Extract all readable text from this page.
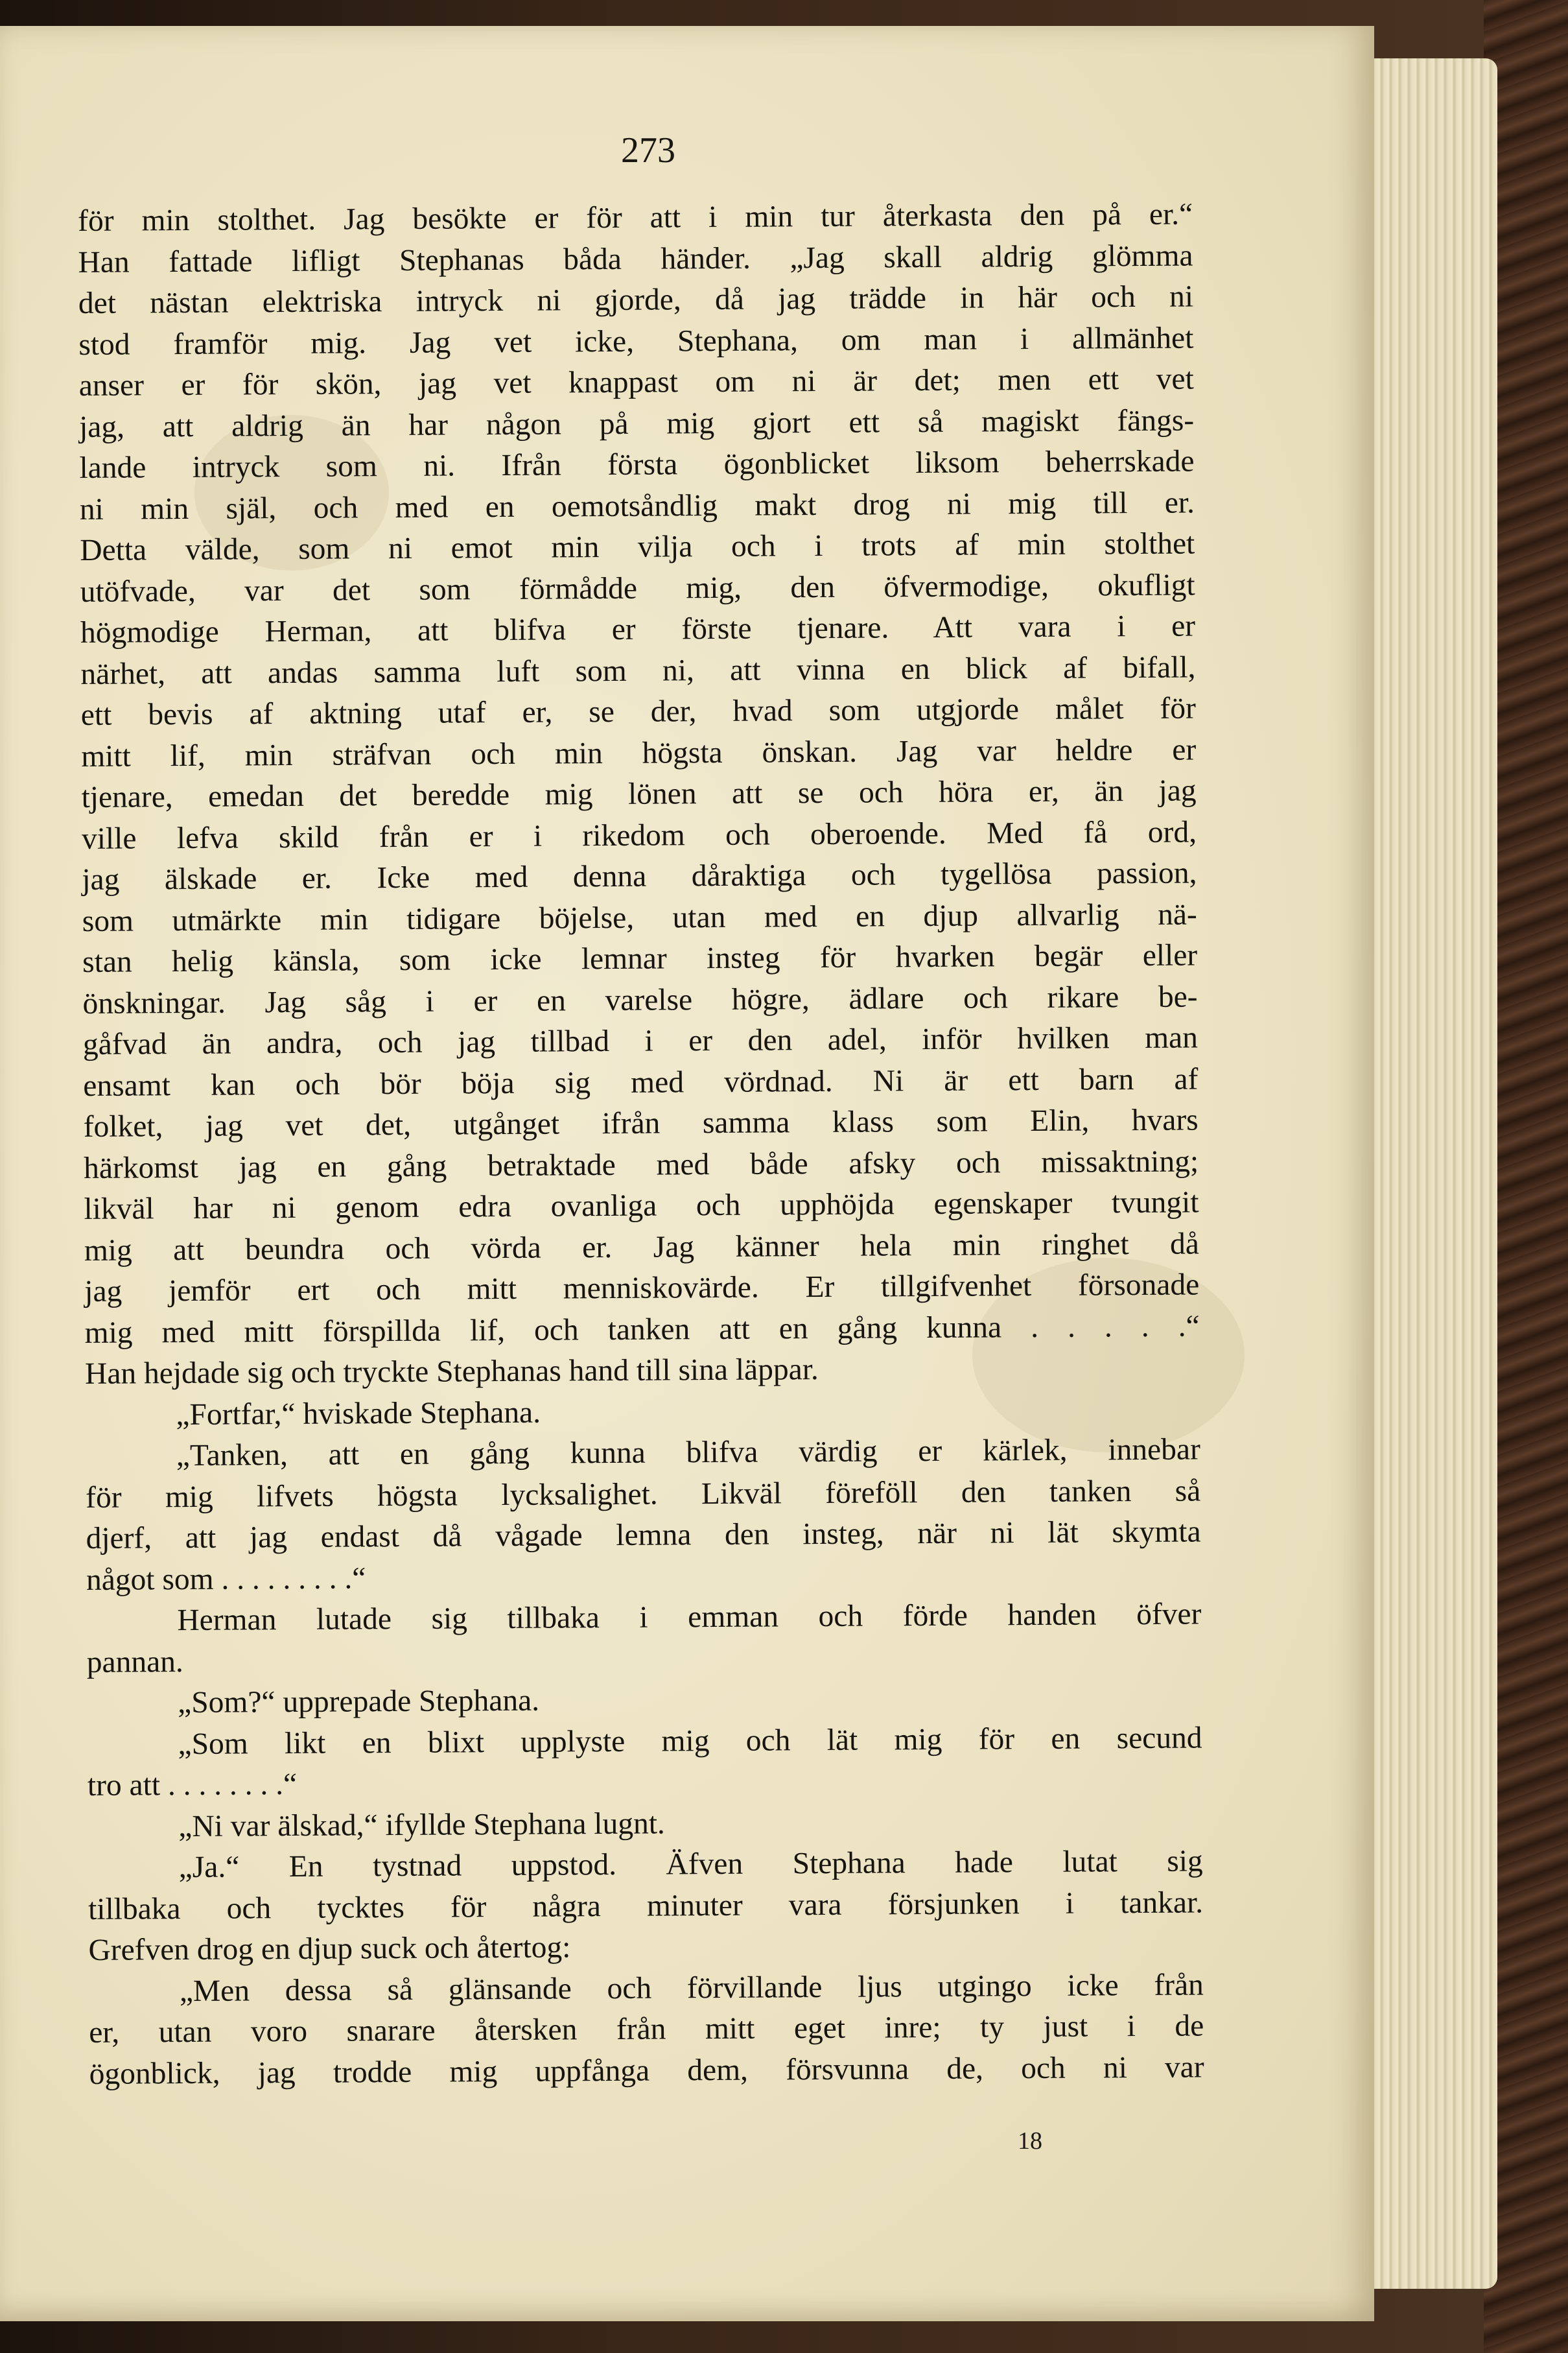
273
för min stolthet. Jag besökte er för att i min tur återkasta den på er.“
Han fattade lifligt Stephanas båda händer. „Jag skall aldrig glömma
det nästan elektriska intryck ni gjorde, då jag trädde in här och ni
stod framför mig. Jag vet icke, Stephana, om man i allmänhet
anser er för skön, jag vet knappast om ni är det; men ett vet
jag, att aldrig än har någon på mig gjort ett så magiskt fängs-
lande intryck som ni. Ifrån första ögonblicket liksom beherrskade
ni min själ, och med en oemotsåndlig makt drog ni mig till er.
Detta välde, som ni emot min vilja och i trots af min stolthet
utöfvade, var det som förmådde mig, den öfvermodige, okufligt
högmodige Herman, att blifva er förste tjenare. Att vara i er
närhet, att andas samma luft som ni, att vinna en blick af bifall,
ett bevis af aktning utaf er, se der, hvad som utgjorde målet för
mitt lif, min sträfvan och min högsta önskan. Jag var heldre er
tjenare, emedan det beredde mig lönen att se och höra er, än jag
ville lefva skild från er i rikedom och oberoende. Med få ord,
jag älskade er. Icke med denna dåraktiga och tygellösa passion,
som utmärkte min tidigare böjelse, utan med en djup allvarlig nä-
stan helig känsla, som icke lemnar insteg för hvarken begär eller
önskningar. Jag såg i er en varelse högre, ädlare och rikare be-
gåfvad än andra, och jag tillbad i er den adel, inför hvilken man
ensamt kan och bör böja sig med vördnad. Ni är ett barn af
folket, jag vet det, utgånget ifrån samma klass som Elin, hvars
härkomst jag en gång betraktade med både afsky och missaktning;
likväl har ni genom edra ovanliga och upphöjda egenskaper tvungit
mig att beundra och vörda er. Jag känner hela min ringhet då
jag jemför ert och mitt menniskovärde. Er tillgifvenhet försonade
mig med mitt förspillda lif, och tanken att en gång kunna . . . . .“
Han hejdade sig och tryckte Stephanas hand till sina läppar.
„Fortfar,“ hviskade Stephana.
„Tanken, att en gång kunna blifva värdig er kärlek, innebar
för mig lifvets högsta lycksalighet. Likväl föreföll den tanken så
djerf, att jag endast då vågade lemna den insteg, när ni lät skymta
något som . . . . . . . . .“
Herman lutade sig tillbaka i emman och förde handen öfver
pannan.
„Som?“ upprepade Stephana.
„Som likt en blixt upplyste mig och lät mig för en secund
tro att . . . . . . . .“
„Ni var älskad,“ ifyllde Stephana lugnt.
„Ja.“ En tystnad uppstod. Äfven Stephana hade lutat sig
tillbaka och tycktes för några minuter vara försjunken i tankar.
Grefven drog en djup suck och återtog:
„Men dessa så glänsande och förvillande ljus utgingo icke från
er, utan voro snarare återsken från mitt eget inre; ty just i de
ögonblick, jag trodde mig uppfånga dem, försvunna de, och ni var
18
